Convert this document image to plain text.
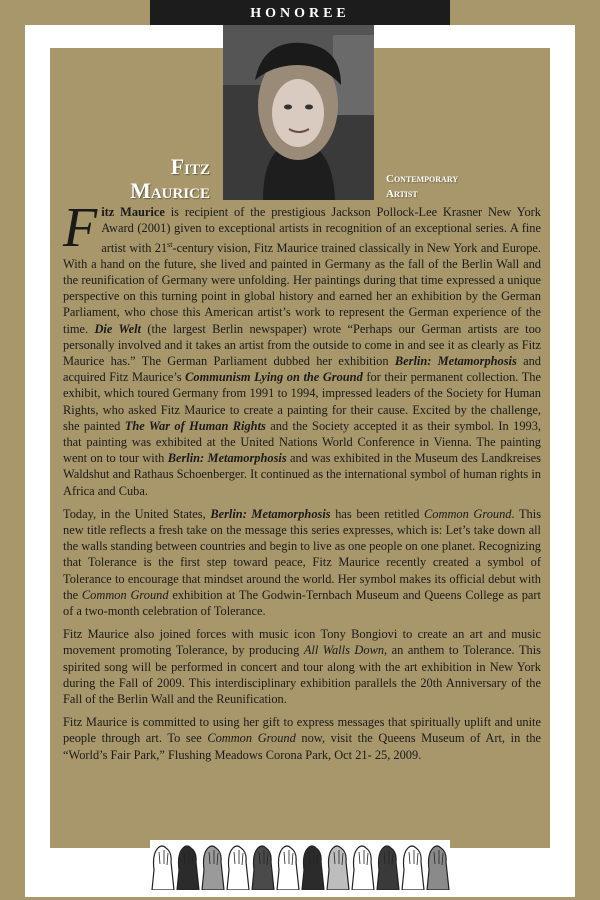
HONOREE
Fitz
Maurice	Contemporary
Artist

Fitz Maurice is recipient of the prestigious Jackson Pollock-Lee Krasner New York Award (2001) given to exceptional artists in recognition of an exceptional series. A fine artist with 21st-century vision, Fitz Maurice trained classically in New York and Europe. With a hand on the future, she lived and painted in Germany as the fall of the Berlin Wall and the reunification of Germany were unfolding. Her paintings during that time expressed a unique perspective on this turning point in global history and earned her an exhibition by the German Parliament, who chose this American artist’s work to represent the German experience of the time. Die Welt (the largest Berlin newspaper) wrote “Perhaps our German artists are too personally involved and it takes an artist from the outside to come in and see it as clearly as Fitz Maurice has.” The German Parliament dubbed her exhibition Berlin: Metamorphosis and acquired Fitz Maurice’s Communism Lying on the Ground for their permanent collection. The exhibit, which toured Germany from 1991 to 1994, impressed leaders of the Society for Human Rights, who asked Fitz Maurice to create a painting for their cause. Excited by the challenge, she painted The War of Human Rights and the Society accepted it as their symbol. In 1993, that painting was exhibited at the United Nations World Conference in Vienna. The painting went on to tour with Berlin: Metamorphosis and was exhibited in the Museum des Landkreises Waldshut and Rathaus Schoenberger. It continued as the international symbol of human rights in Africa and Cuba.

Today, in the United States, Berlin: Metamorphosis has been retitled Common Ground. This new title reflects a fresh take on the message this series expresses, which is: Let’s take down all the walls standing between countries and begin to live as one people on one planet. Recognizing that Tolerance is the first step toward peace, Fitz Maurice recently created a symbol of Tolerance to encourage that mindset around the world. Her symbol makes its official debut with the Common Ground exhibition at The Godwin-Ternbach Museum and Queens College as part of a two-month celebration of Tolerance.

Fitz Maurice also joined forces with music icon Tony Bongiovi to create an art and music movement promoting Tolerance, by producing All Walls Down, an anthem to Tolerance. This spirited song will be performed in concert and tour along with the art exhibition in New York during the Fall of 2009. This interdisciplinary exhibition parallels the 20th Anniversary of the Fall of the Berlin Wall and the Reunification.

Fitz Maurice is committed to using her gift to express messages that spiritually uplift and unite people through art. To see Common Ground now, visit the Queens Museum of Art, in the “World’s Fair Park,” Flushing Meadows Corona Park, Oct 21- 25, 2009.
